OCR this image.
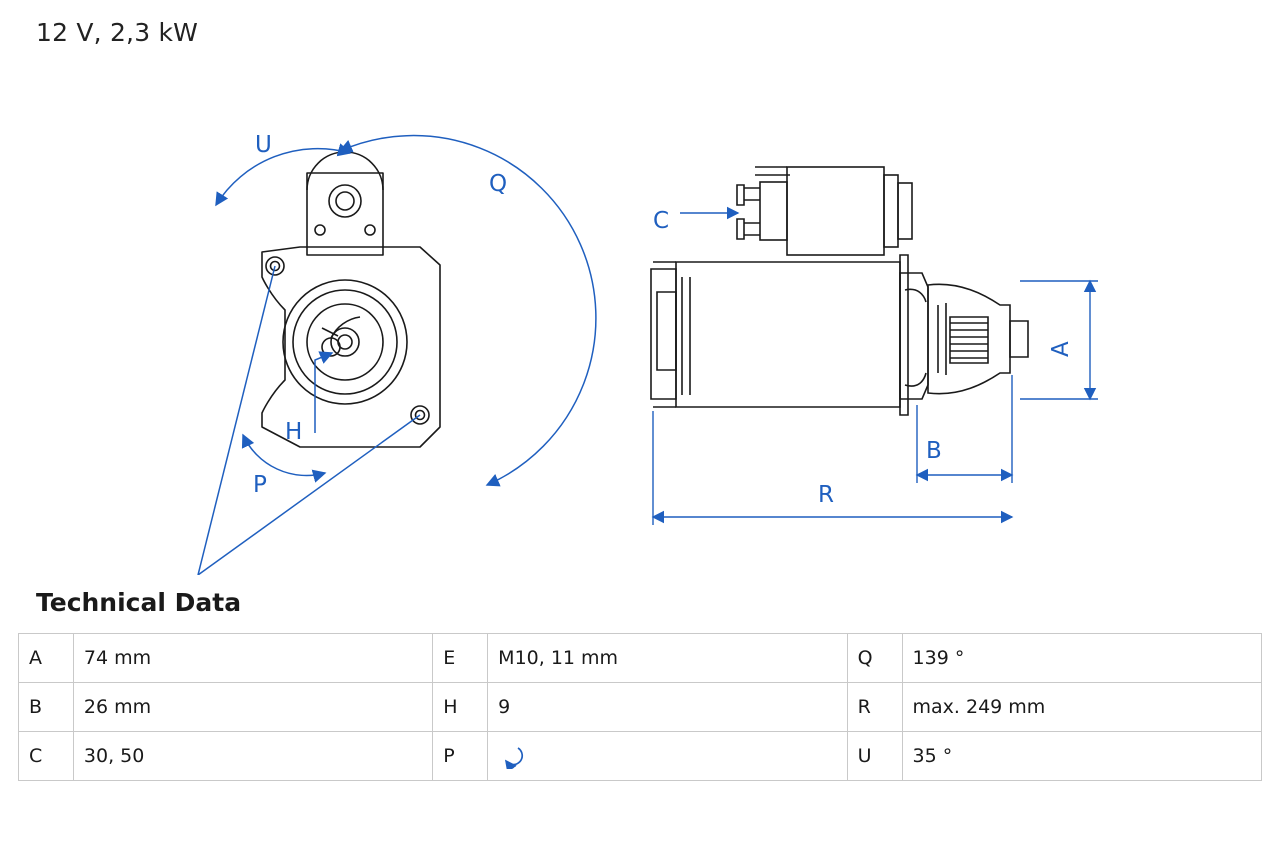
12 V, 2,3 kW
U
Q
H
P
C
A
B
R
Technical Data
A	74 mm	E	M10, 11 mm	Q	139 °
B	26 mm	H	9	R	max. 249 mm
C	30, 50	P		U	35 °
